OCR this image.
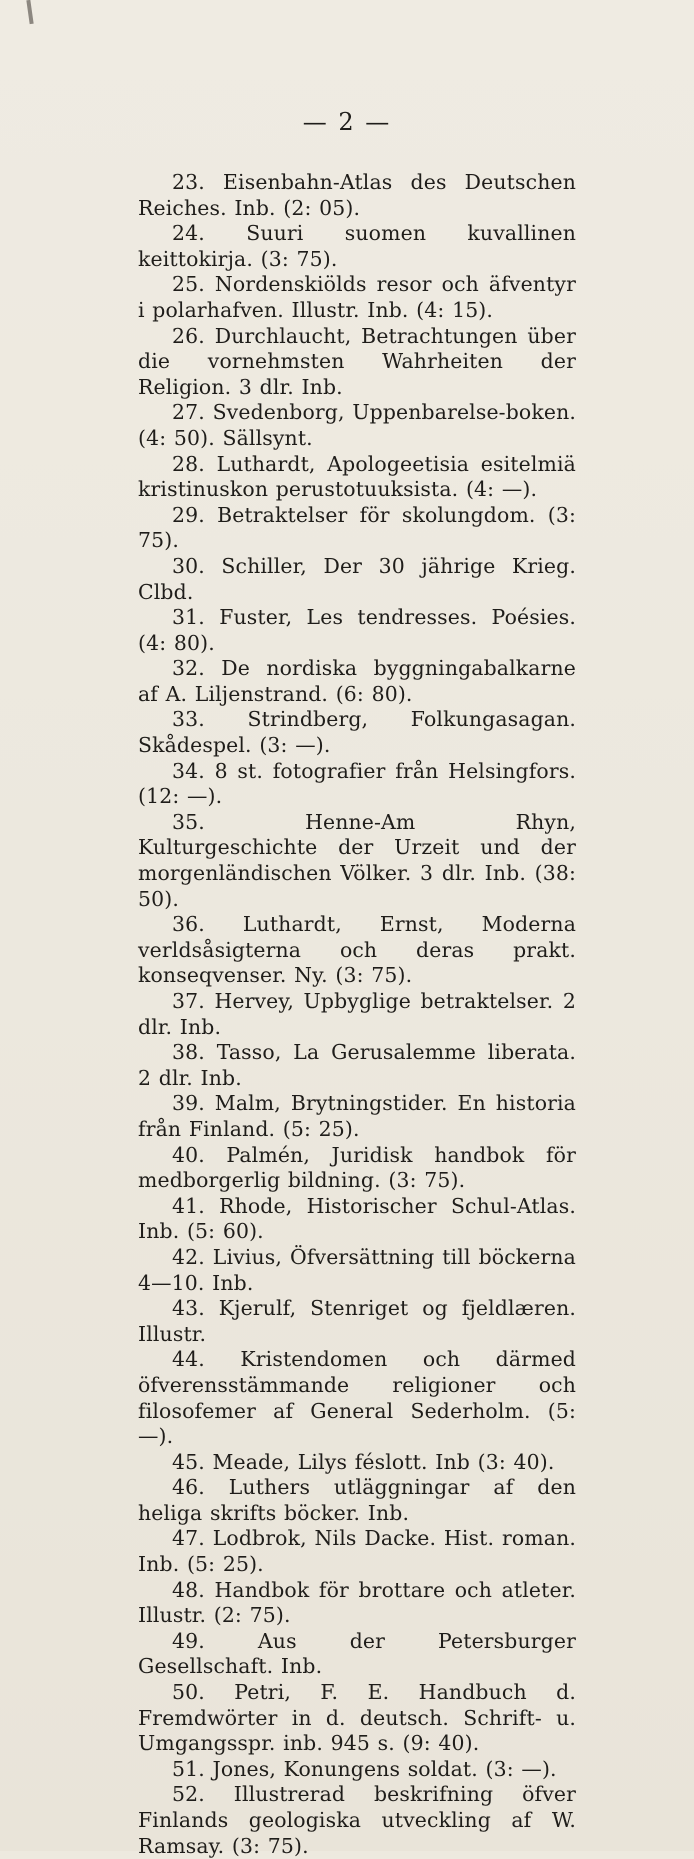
— 2 —

23. Eisenbahn-Atlas des Deutschen Reiches. Inb. (2: 05).

24. Suuri suomen kuvallinen keittokirja. (3: 75).

25. Nordenskiölds resor och äfventyr i polarhafven. Illustr. Inb. (4: 15).

26. Durchlaucht, Betrachtungen über die vornehmsten Wahrheiten der Religion. 3 dlr. Inb.

27. Svedenborg, Uppenbarelse-boken. (4: 50). Sällsynt.

28. Luthardt, Apologeetisia esitelmiä kristinuskon perustotuuksista. (4: —).

29. Betraktelser för skolungdom. (3: 75).

30. Schiller, Der 30 jährige Krieg. Clbd.

31. Fuster, Les tendresses. Poésies. (4: 80).

32. De nordiska byggningabalkarne af A. Liljenstrand. (6: 80).

33. Strindberg, Folkungasagan. Skådespel. (3: —).

34. 8 st. fotografier från Helsingfors. (12: —).

35. Henne-Am Rhyn, Kulturgeschichte der Urzeit und der morgenländischen Völker. 3 dlr. Inb. (38: 50).

36. Luthardt, Ernst, Moderna verldsåsigterna och deras prakt. konseqvenser. Ny. (3: 75).

37. Hervey, Upbyglige betraktelser. 2 dlr. Inb.

38. Tasso, La Gerusalemme liberata. 2 dlr. Inb.

39. Malm, Brytningstider. En historia från Finland. (5: 25).

40. Palmén, Juridisk handbok för medborgerlig bildning. (3: 75).

41. Rhode, Historischer Schul-Atlas. Inb. (5: 60).

42. Livius, Öfversättning till böckerna 4—10. Inb.

43. Kjerulf, Stenriget og fjeldlæren. Illustr.

44. Kristendomen och därmed öfverensstämmande religioner och filosofemer af General Sederholm. (5: —).

45. Meade, Lilys féslott. Inb (3: 40).

46. Luthers utläggningar af den heliga skrifts böcker. Inb.

47. Lodbrok, Nils Dacke. Hist. roman. Inb. (5: 25).

48. Handbok för brottare och atleter. Illustr. (2: 75).

49. Aus der Petersburger Gesellschaft. Inb.

50. Petri, F. E. Handbuch d. Fremdwörter in d. deutsch. Schrift- u. Umgangsspr. inb. 945 s. (9: 40).

51. Jones, Konungens soldat. (3: —).

52. Illustrerad beskrifning öfver Finlands geologiska utveckling af W. Ramsay. (3: 75).
